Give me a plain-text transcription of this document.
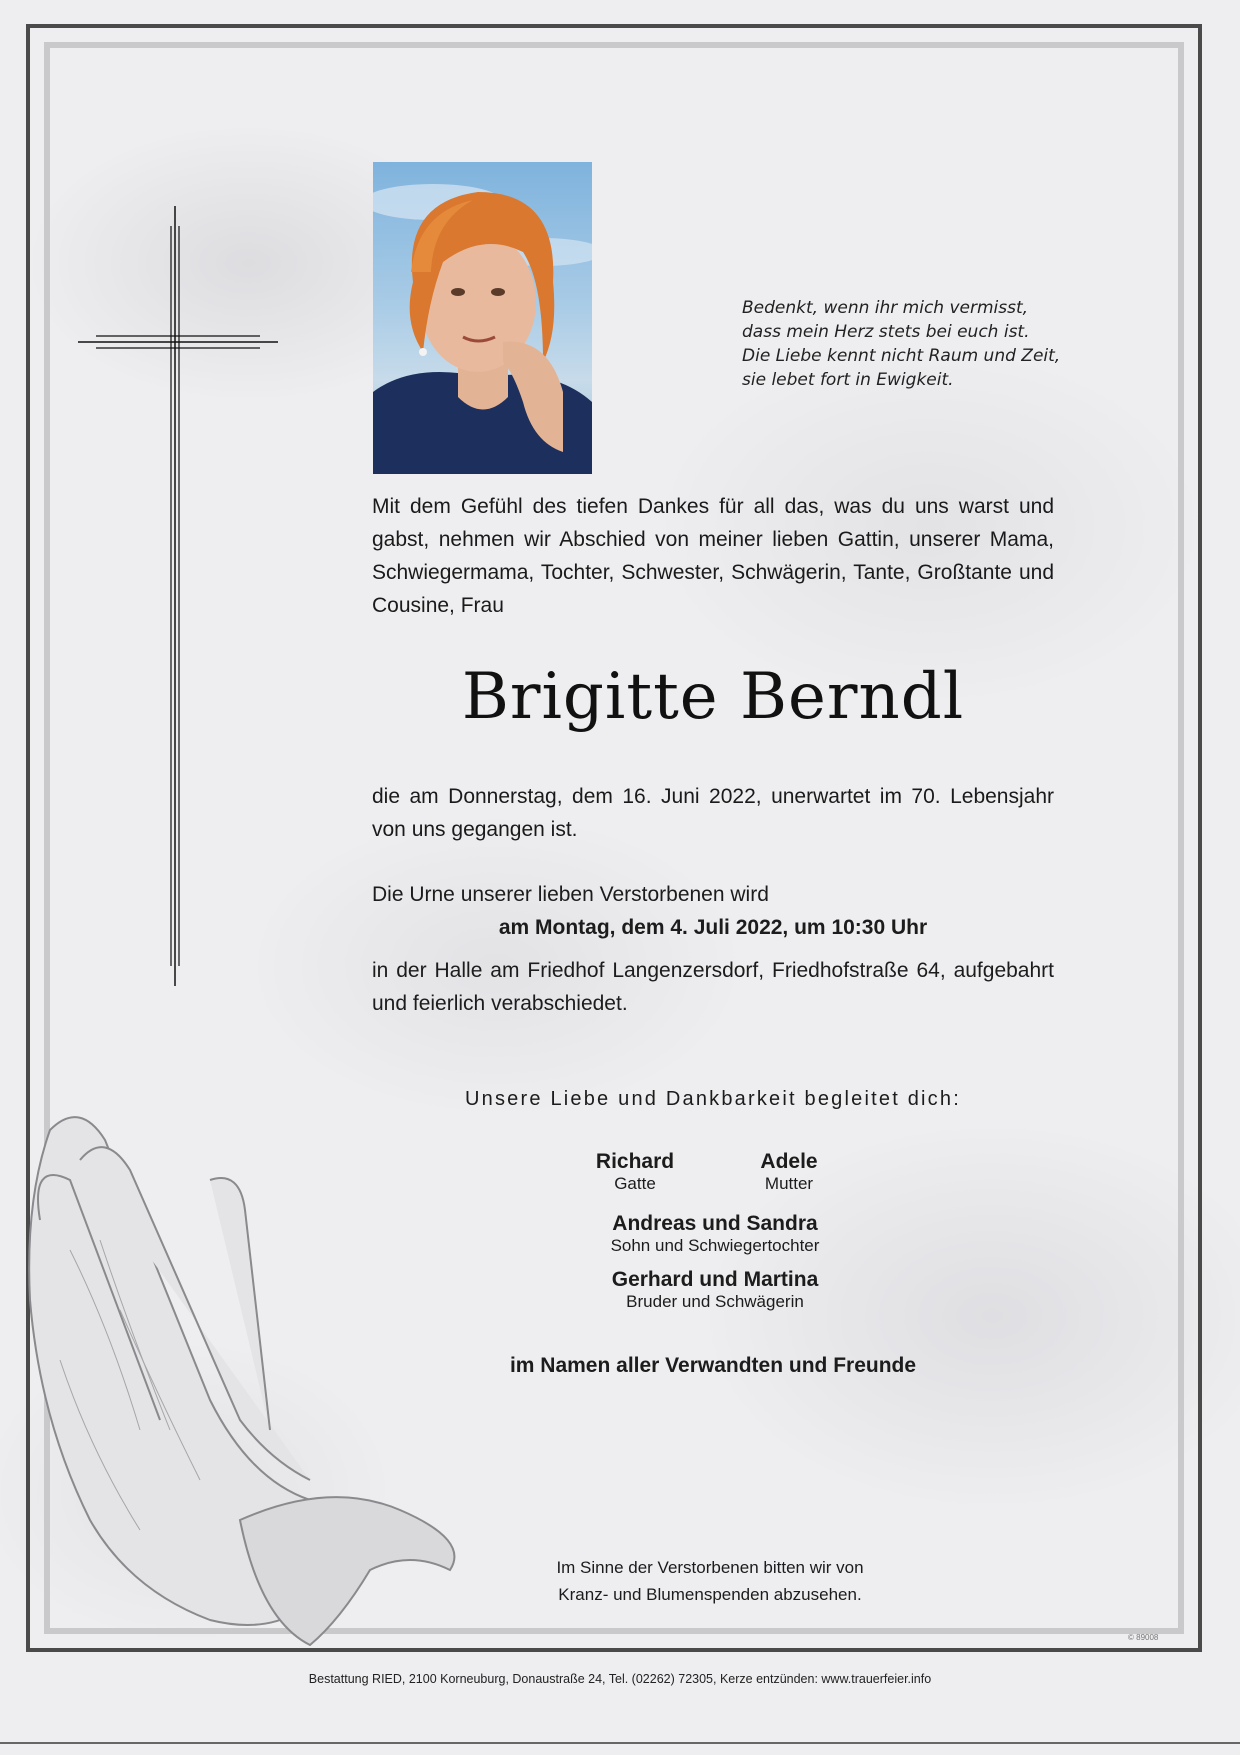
Bedenkt, wenn ihr mich vermisst,
dass mein Herz stets bei euch ist.
Die Liebe kennt nicht Raum und Zeit,
sie lebet fort in Ewigkeit.
Mit dem Gefühl des tiefen Dankes für all das, was du uns warst und gabst, nehmen wir Abschied von meiner lieben Gattin, unserer Mama, Schwiegermama, Tochter, Schwester, Schwägerin, Tante, Großtante und Cousine, Frau
Brigitte Berndl
die am Donnerstag, dem 16. Juni 2022, unerwartet im 70. Lebensjahr von uns gegangen ist.
Die Urne unserer lieben Verstorbenen wird
am Montag, dem 4. Juli 2022, um 10:30 Uhr
in der Halle am Friedhof Langenzersdorf, Friedhofstraße 64, aufgebahrt und feierlich verabschiedet.
Unsere Liebe und Dankbarkeit begleitet dich:
Richard
Gatte
Adele
Mutter
Andreas und Sandra
Sohn und Schwiegertochter
Gerhard und Martina
Bruder und Schwägerin
im Namen aller Verwandten und Freunde
Im Sinne der Verstorbenen bitten wir von
Kranz- und Blumenspenden abzusehen.
© 89008
Bestattung RIED, 2100 Korneuburg, Donaustraße 24, Tel. (02262) 72305, Kerze entzünden: www.trauerfeier.info
